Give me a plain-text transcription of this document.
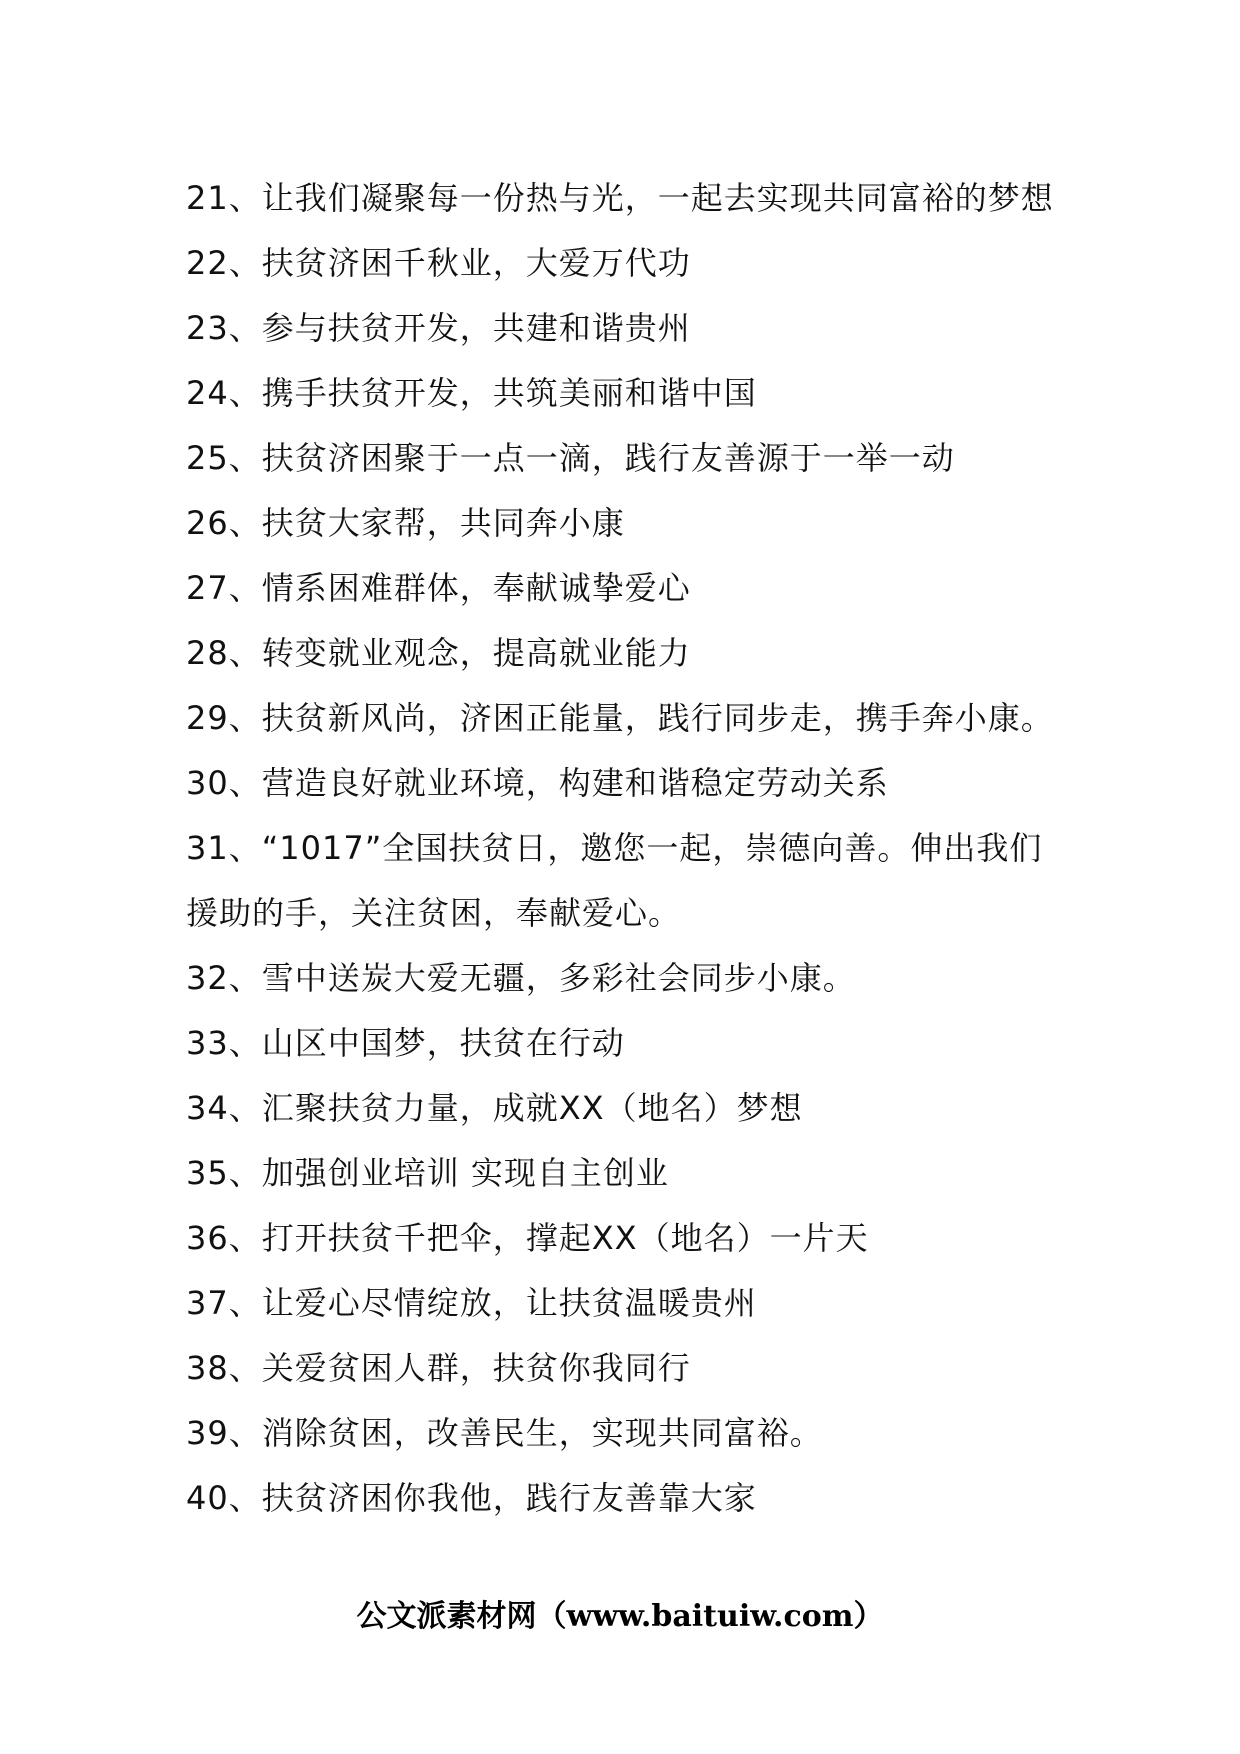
21、让我们凝聚每一份热与光，一起去实现共同富裕的梦想
22、扶贫济困千秋业，大爱万代功
23、参与扶贫开发，共建和谐贵州
24、携手扶贫开发，共筑美丽和谐中国
25、扶贫济困聚于一点一滴，践行友善源于一举一动
26、扶贫大家帮，共同奔小康
27、情系困难群体，奉献诚挚爱心
28、转变就业观念，提高就业能力
29、扶贫新风尚，济困正能量，践行同步走，携手奔小康。
30、营造良好就业环境，构建和谐稳定劳动关系
31、“1017”全国扶贫日，邀您一起，崇德向善。伸出我们援助的手，关注贫困，奉献爱心。
32、雪中送炭大爱无疆，多彩社会同步小康。
33、山区中国梦，扶贫在行动
34、汇聚扶贫力量，成就XX（地名）梦想
35、加强创业培训 实现自主创业
36、打开扶贫千把伞，撑起XX（地名）一片天
37、让爱心尽情绽放，让扶贫温暖贵州
38、关爱贫困人群，扶贫你我同行
39、消除贫困，改善民生，实现共同富裕。
40、扶贫济困你我他，践行友善靠大家
公文派素材网（www.baitui​w.com）
